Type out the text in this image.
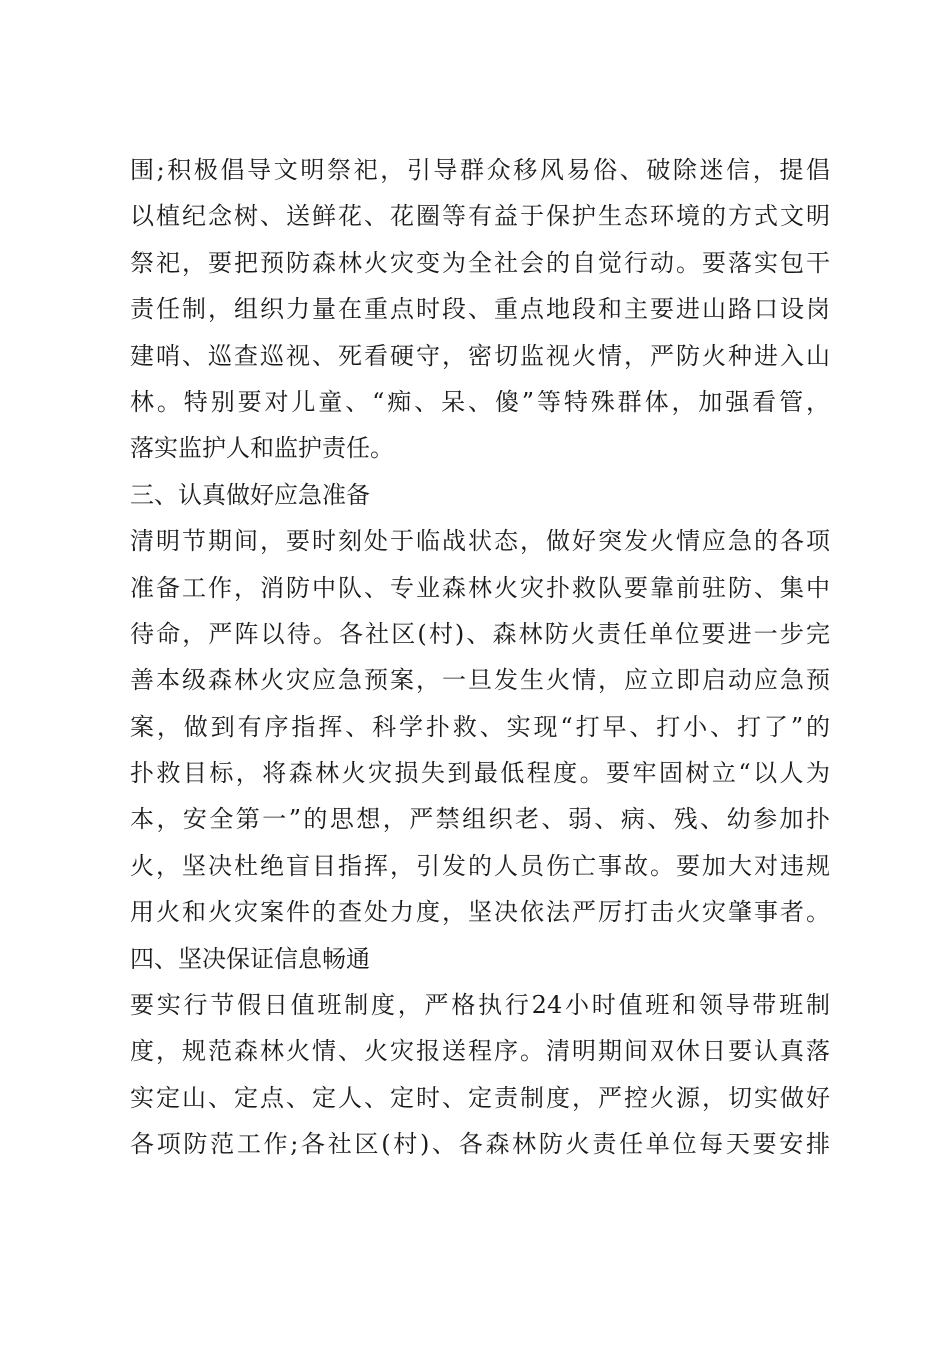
围;积极倡导文明祭祀，引导群众移风易俗、破除迷信，提倡
以植纪念树、送鲜花、花圈等有益于保护生态环境的方式文明
祭祀，要把预防森林火灾变为全社会的自觉行动。要落实包干
责任制，组织力量在重点时段、重点地段和主要进山路口设岗
建哨、巡查巡视、死看硬守，密切监视火情，严防火种进入山
林。特别要对儿童、“痴、呆、傻”等特殊群体，加强看管，
落实监护人和监护责任。
三、认真做好应急准备
清明节期间，要时刻处于临战状态，做好突发火情应急的各项
准备工作，消防中队、专业森林火灾扑救队要靠前驻防、集中
待命，严阵以待。各社区(村)、森林防火责任单位要进一步完
善本级森林火灾应急预案，一旦发生火情，应立即启动应急预
案，做到有序指挥、科学扑救、实现“打早、打小、打了”的
扑救目标，将森林火灾损失到最低程度。要牢固树立“以人为
本，安全第一”的思想，严禁组织老、弱、病、残、幼参加扑
火，坚决杜绝盲目指挥，引发的人员伤亡事故。要加大对违规
用火和火灾案件的查处力度，坚决依法严厉打击火灾肇事者。
四、坚决保证信息畅通
要实行节假日值班制度，严格执行24小时值班和领导带班制
度，规范森林火情、火灾报送程序。清明期间双休日要认真落
实定山、定点、定人、定时、定责制度，严控火源，切实做好
各项防范工作;各社区(村)、各森林防火责任单位每天要安排
